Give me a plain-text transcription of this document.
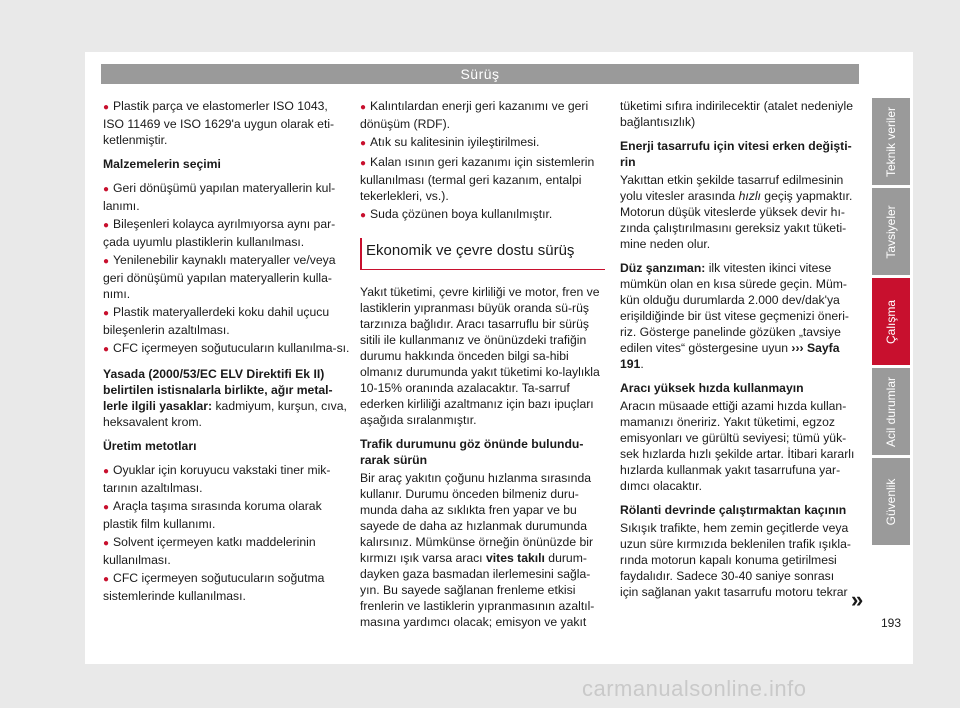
Sürüş

● Plastik parça ve elastomerler ISO 1043, ISO 11469 ve ISO 1629'a uygun olarak eti-ketlenmiştir.

Malzemelerin seçimi

● Geri dönüşümü yapılan materyallerin kul-lanımı.

● Bileşenleri kolayca ayrılmıyorsa aynı par-çada uyumlu plastiklerin kullanılması.

● Yenilenebilir kaynaklı materyaller ve/veya geri dönüşümü yapılan materyallerin kulla-nımı.

● Plastik materyallerdeki koku dahil uçucu bileşenlerin azaltılması.

● CFC içermeyen soğutucuların kullanılma-sı.

Yasada (2000/53/EC ELV Direktifi Ek II) belirtilen istisnalarla birlikte, ağır metal-lerle ilgili yasaklar: kadmiyum, kurşun, cıva, heksavalent krom.

Üretim metotları

● Oyuklar için koruyucu vakstaki tiner mik-tarının azaltılması.

● Araçla taşıma sırasında koruma olarak plastik film kullanımı.

● Solvent içermeyen katkı maddelerinin kullanılması.

● CFC içermeyen soğutucuların soğutma sistemlerinde kullanılması.

● Kalıntılardan enerji geri kazanımı ve geri dönüşüm (RDF).

● Atık su kalitesinin iyileştirilmesi.

● Kalan ısının geri kazanımı için sistemlerin kullanılması (termal geri kazanım, entalpi tekerlekleri, vs.).

● Suda çözünen boya kullanılmıştır.

Ekonomik ve çevre dostu sürüş

Yakıt tüketimi, çevre kirliliği ve motor, fren ve lastiklerin yıpranması büyük oranda sü-rüş tarzınıza bağlıdır. Aracı tasarruflu bir sürüş sitili ile kullanmanız ve önünüzdeki trafiğin durumu hakkında önceden bilgi sa-hibi olmanız durumunda yakıt tüketimi ko-laylıkla 10-15% oranında azalacaktır. Ta-sarruf ederken kirliliği azaltmanız için bazı ipuçları aşağıda sıralanmıştır.

Trafik durumunu göz önünde bulundu-rarak sürün

Bir araç yakıtın çoğunu hızlanma sırasında kullanır. Durumu önceden bilmeniz duru-munda daha az sıklıkta fren yapar ve bu sayede de daha az hızlanmak durumunda kalırsınız. Mümkünse örneğin önünüzde bir kırmızı ışık varsa aracı vites takılı durum-dayken gaza basmadan ilerlemesini sağla-yın. Bu sayede sağlanan frenleme etkisi frenlerin ve lastiklerin yıpranmasının azaltıl-masına yardımcı olacak; emisyon ve yakıt

tüketimi sıfıra indirilecektir (atalet nedeniyle bağlantısızlık)

Enerji tasarrufu için vitesi erken değişti-rin

Yakıttan etkin şekilde tasarruf edilmesinin yolu vitesler arasında hızlı geçiş yapmaktır. Motorun düşük viteslerde yüksek devir hı-zında çalıştırılmasını gereksiz yakıt tüketi-mine neden olur.

Düz şanzıman: ilk vitesten ikinci vitese mümkün olan en kısa sürede geçin. Müm-kün olduğu durumlarda 2.000 dev/dak'ya erişildiğinde bir üst vitese geçmenizi öneri-riz. Gösterge panelinde gözüken „tavsiye edilen vites“ göstergesine uyun ››› Sayfa 191.

Aracı yüksek hızda kullanmayın

Aracın müsaade ettiği azami hızda kullan-mamanızı öneririz. Yakıt tüketimi, egzoz emisyonları ve gürültü seviyesi; tümü yük-sek hızlarda hızlı şekilde artar. İtibari kararlı hızlarda kullanmak yakıt tasarrufuna yar-dımcı olacaktır.

Rölanti devrinde çalıştırmaktan kaçının

Sıkışık trafikte, hem zemin geçitlerde veya uzun süre kırmızıda beklenilen trafik ışıkla-rında motorun kapalı konuma getirilmesi faydalıdır. Sadece 30-40 saniye sonrası için sağlanan yakıt tasarrufu motoru tekrar »
Teknik veriler
Tavsiyeler
Çalışma
Acil durumlar
Güvenlik
193
carmanualsonline.info
